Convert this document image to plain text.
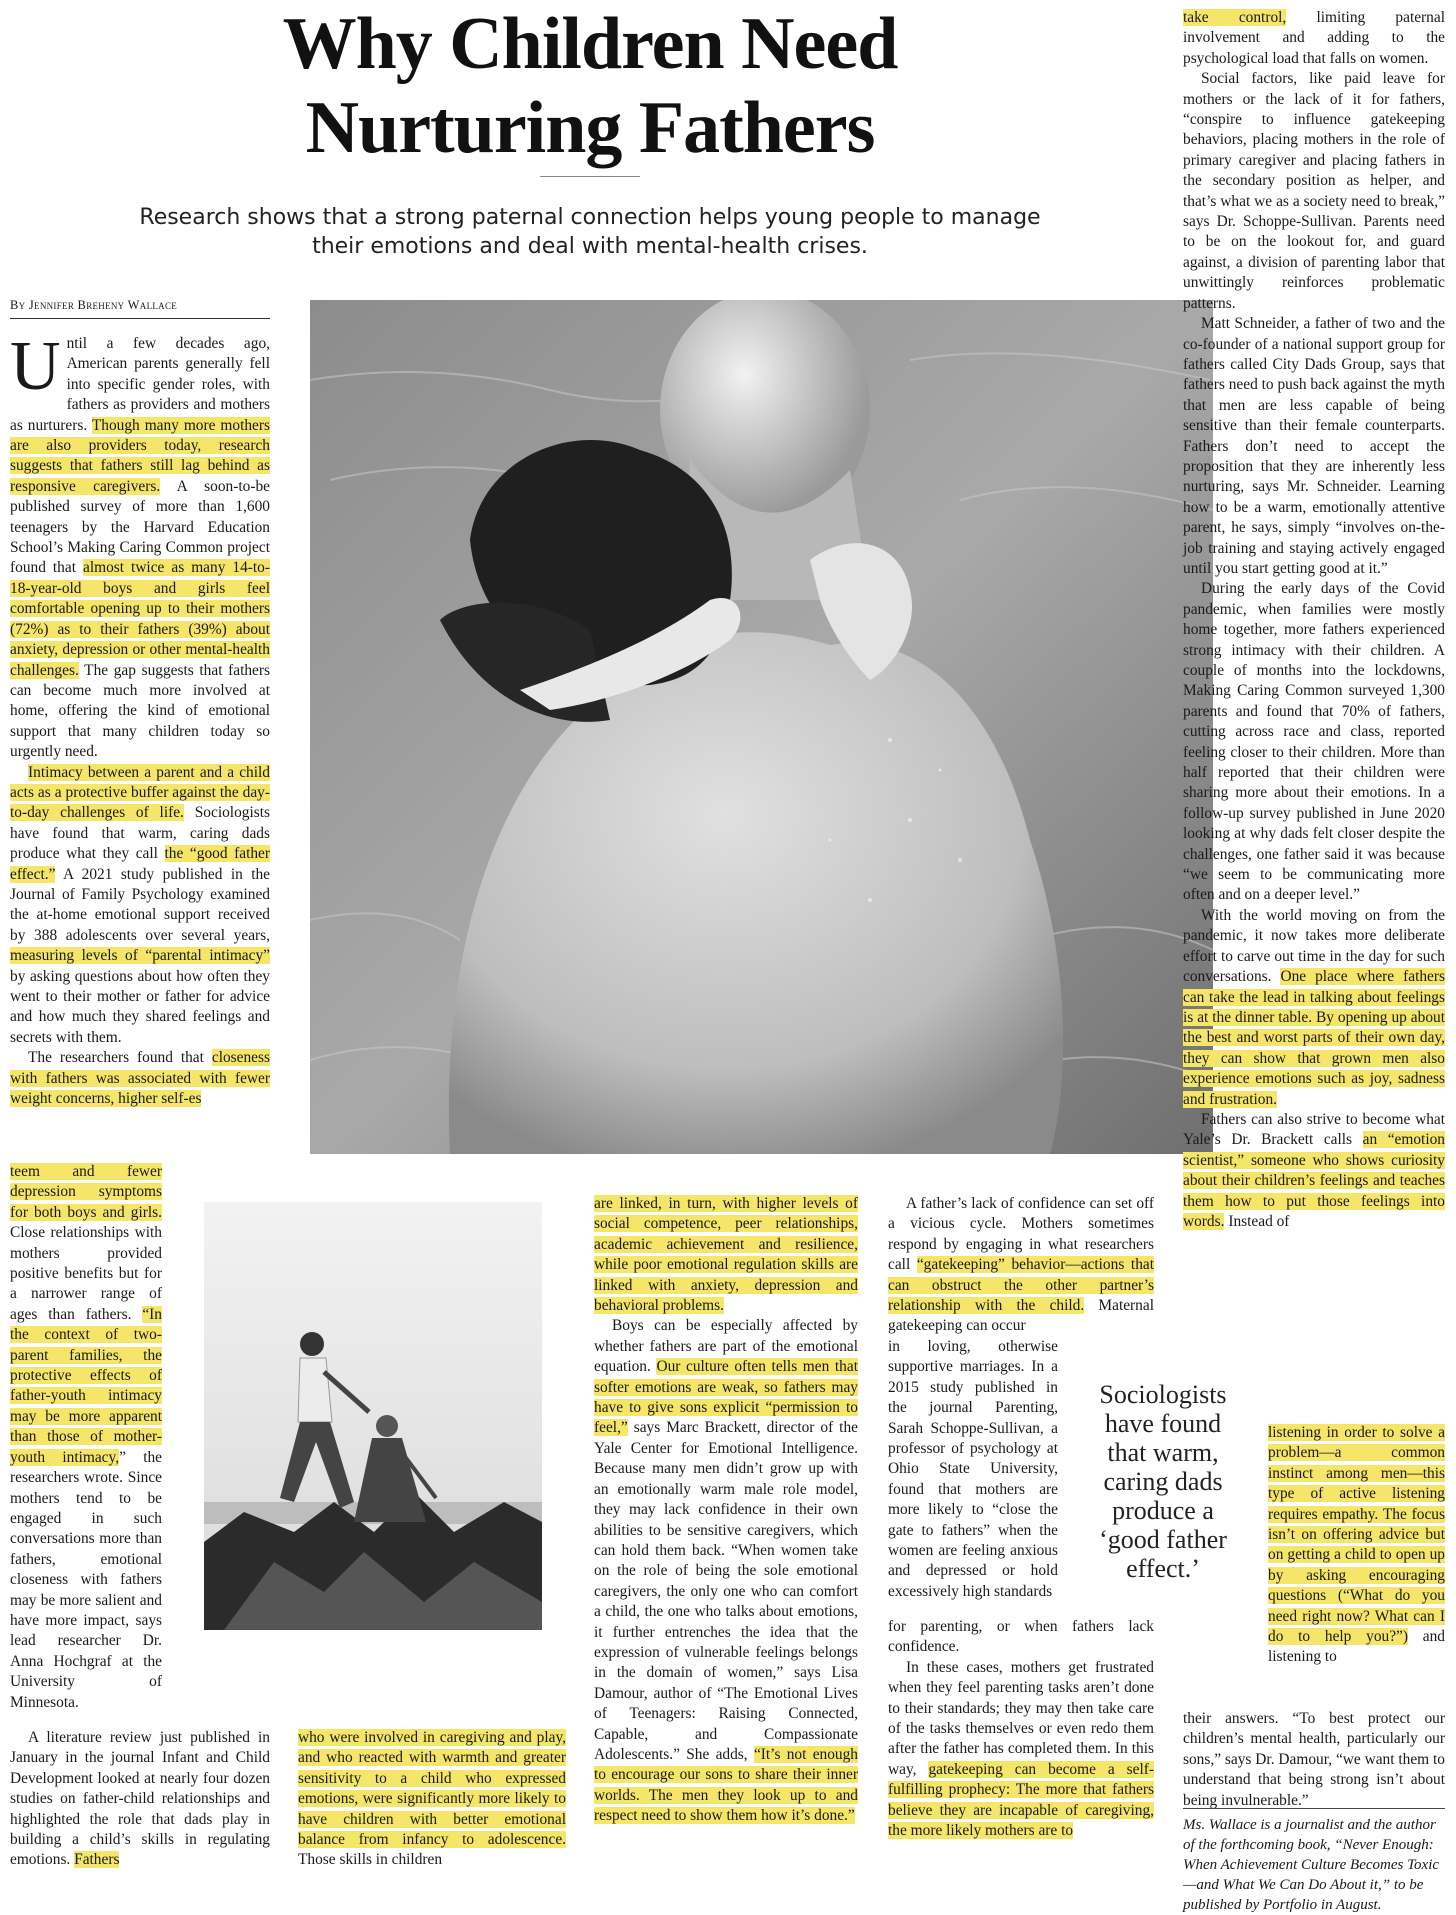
Why Children Need
Nurturing Fathers
Research shows that a strong paternal connection helps young people to manage
their emotions and deal with mental-health crises.
By Jennifer Breheny Wallace

Until a few decades ago, American parents generally fell into specific gender roles, with fathers as providers and mothers as nurturers. Though many more mothers are also providers today, research suggests that fathers still lag behind as responsive caregivers. A soon-to-be published survey of more than 1,600 teenagers by the Harvard Education School’s Making Caring Common project found that almost twice as many 14-to-18-year-old boys and girls feel comfortable opening up to their mothers (72%) as to their fathers (39%) about anxiety, depression or other mental-health challenges. The gap suggests that fathers can become much more involved at home, offering the kind of emotional support that many children today so urgently need.

Intimacy between a parent and a child acts as a protective buffer against the day-to-day challenges of life. Sociologists have found that warm, caring dads produce what they call the “good father effect.” A 2021 study published in the Journal of Family Psychology examined the at-home emotional support received by 388 adolescents over several years, measuring levels of “parental intimacy” by asking questions about how often they went to their mother or father for advice and how much they shared feelings and secrets with them.

The researchers found that closeness with fathers was associated with fewer weight concerns, higher self-es

teem and fewer depression symptoms for both boys and girls. Close relationships with mothers provided positive benefits but for a narrower range of ages than fathers. “In the context of two-parent families, the protective effects of father-youth intimacy may be more apparent than those of mother-youth intimacy,” the researchers wrote. Since mothers tend to be engaged in such conversations more than fathers, emotional closeness with fathers may be more salient and have more impact, says lead researcher Dr. Anna Hochgraf at the University of Minnesota.

A literature review just published in January in the journal Infant and Child Development looked at nearly four dozen studies on father-child relationships and highlighted the role that dads play in building a child’s skills in regulating emotions. Fathers

who were involved in caregiving and play, and who reacted with warmth and greater sensitivity to a child who expressed emotions, were significantly more likely to have children with better emotional balance from infancy to adolescence. Those skills in children

are linked, in turn, with higher levels of social competence, peer relationships, academic achievement and resilience, while poor emotional regulation skills are linked with anxiety, depression and behavioral problems.

Boys can be especially affected by whether fathers are part of the emotional equation. Our culture often tells men that softer emotions are weak, so fathers may have to give sons explicit “permission to feel,” says Marc Brackett, director of the Yale Center for Emotional Intelligence. Because many men didn’t grow up with an emotionally warm male role model, they may lack confidence in their own abilities to be sensitive caregivers, which can hold them back. “When women take on the role of being the sole emotional caregivers, the only one who can comfort a child, the one who talks about emotions, it further entrenches the idea that the expression of vulnerable feelings belongs in the domain of women,” says Lisa Damour, author of “The Emotional Lives of Teenagers: Raising Connected, Capable, and Compassionate Adolescents.” She adds, “It’s not enough to encourage our sons to share their inner worlds. The men they look up to and respect need to show them how it’s done.”

A father’s lack of confidence can set off a vicious cycle. Mothers sometimes respond by engaging in what researchers call “gatekeeping” behavior—actions that can obstruct the other partner’s relationship with the child. Maternal gatekeeping can occur

in loving, otherwise supportive marriages. In a 2015 study published in the journal Parenting, Sarah Schoppe-Sullivan, a professor of psychology at Ohio State University, found that mothers are more likely to “close the gate to fathers” when the women are feeling anxious and depressed or hold excessively high standards

for parenting, or when fathers lack confidence.

In these cases, mothers get frustrated when they feel parenting tasks aren’t done to their standards; they may then take care of the tasks themselves or even redo them after the father has completed them. In this way, gatekeeping can become a self-fulfilling prophecy: The more that fathers believe they are incapable of caregiving, the more likely mothers are to

Sociologists have found that warm, caring dads produce a ‘good father effect.’

take control, limiting paternal involvement and adding to the psychological load that falls on women.

Social factors, like paid leave for mothers or the lack of it for fathers, “conspire to influence gatekeeping behaviors, placing mothers in the role of primary caregiver and placing fathers in the secondary position as helper, and that’s what we as a society need to break,” says Dr. Schoppe-Sullivan. Parents need to be on the lookout for, and guard against, a division of parenting labor that unwittingly reinforces problematic patterns.

Matt Schneider, a father of two and the co-founder of a national support group for fathers called City Dads Group, says that fathers need to push back against the myth that men are less capable of being sensitive than their female counterparts. Fathers don’t need to accept the proposition that they are inherently less nurturing, says Mr. Schneider. Learning how to be a warm, emotionally attentive parent, he says, simply “involves on-the-job training and staying actively engaged until you start getting good at it.”

During the early days of the Covid pandemic, when families were mostly home together, more fathers experienced strong intimacy with their children. A couple of months into the lockdowns, Making Caring Common surveyed 1,300 parents and found that 70% of fathers, cutting across race and class, reported feeling closer to their children. More than half reported that their children were sharing more about their emotions. In a follow-up survey published in June 2020 looking at why dads felt closer despite the challenges, one father said it was because “we seem to be communicating more often and on a deeper level.”

With the world moving on from the pandemic, it now takes more deliberate effort to carve out time in the day for such conversations. One place where fathers can take the lead in talking about feelings is at the dinner table. By opening up about the best and worst parts of their own day, they can show that grown men also experience emotions such as joy, sadness and frustration.

Fathers can also strive to become what Yale’s Dr. Brackett calls an “emotion scientist,” someone who shows curiosity about their children’s feelings and teaches them how to put those feelings into words. Instead of

listening in order to solve a problem—a common instinct among men—this type of active listening requires empathy. The focus isn’t on offering advice but on getting a child to open up by asking encouraging questions (“What do you need right now? What can I do to help you?”) and listening to

their answers. “To best protect our children’s mental health, particularly our sons,” says Dr. Damour, “we want them to understand that being strong isn’t about being invulnerable.”

Ms. Wallace is a journalist and the author of the forthcoming book, “Never Enough: When Achievement Culture Becomes Toxic—and What We Can Do About it,” to be published by Portfolio in August.
